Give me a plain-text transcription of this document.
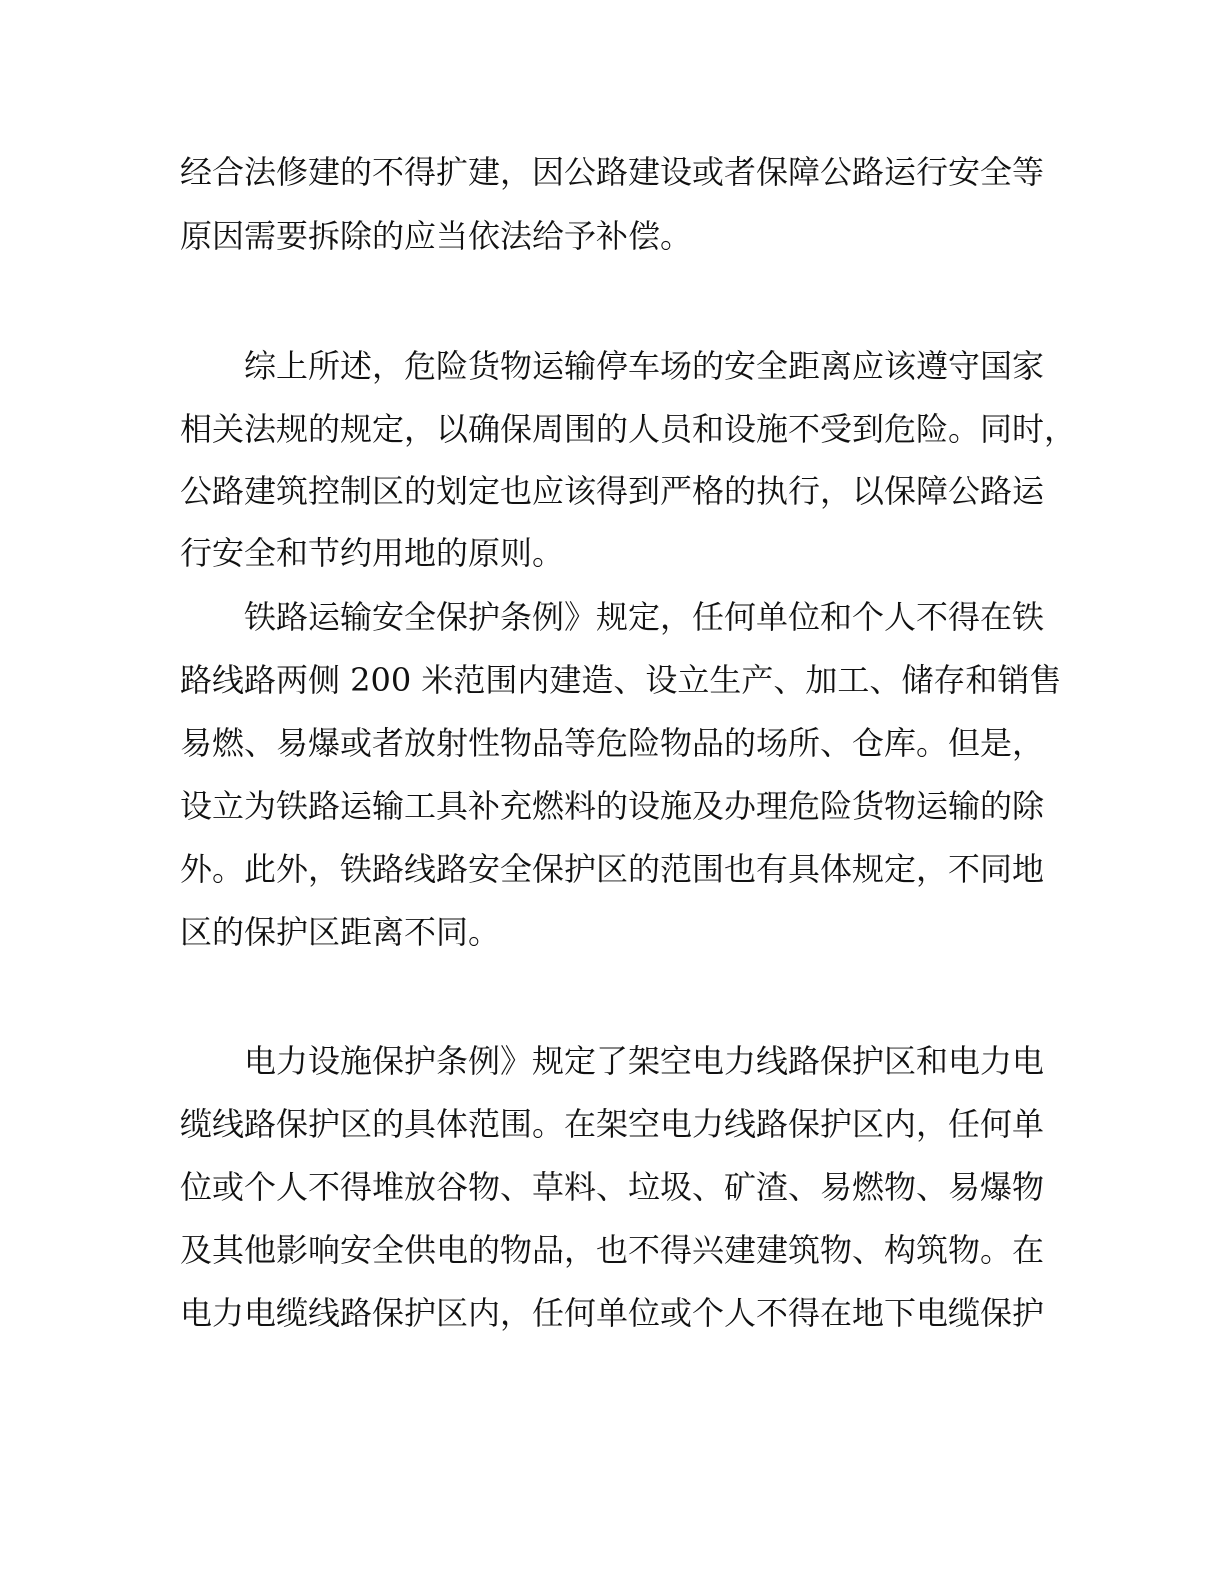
经合法修建的不得扩建，因公路建设或者保障公路运行安全等

原因需要拆除的应当依法给予补偿。

综上所述，危险货物运输停车场的安全距离应该遵守国家

相关法规的规定，以确保周围的人员和设施不受到危险。同时，

公路建筑控制区的划定也应该得到严格的执行，以保障公路运

行安全和节约用地的原则。

铁路运输安全保护条例》规定，任何单位和个人不得在铁

路线路两侧 200 米范围内建造、设立生产、加工、储存和销售

易燃、易爆或者放射性物品等危险物品的场所、仓库。但是，

设立为铁路运输工具补充燃料的设施及办理危险货物运输的除

外。此外，铁路线路安全保护区的范围也有具体规定，不同地

区的保护区距离不同。

电力设施保护条例》规定了架空电力线路保护区和电力电

缆线路保护区的具体范围。在架空电力线路保护区内，任何单

位或个人不得堆放谷物、草料、垃圾、矿渣、易燃物、易爆物

及其他影响安全供电的物品，也不得兴建建筑物、构筑物。在

电力电缆线路保护区内，任何单位或个人不得在地下电缆保护
